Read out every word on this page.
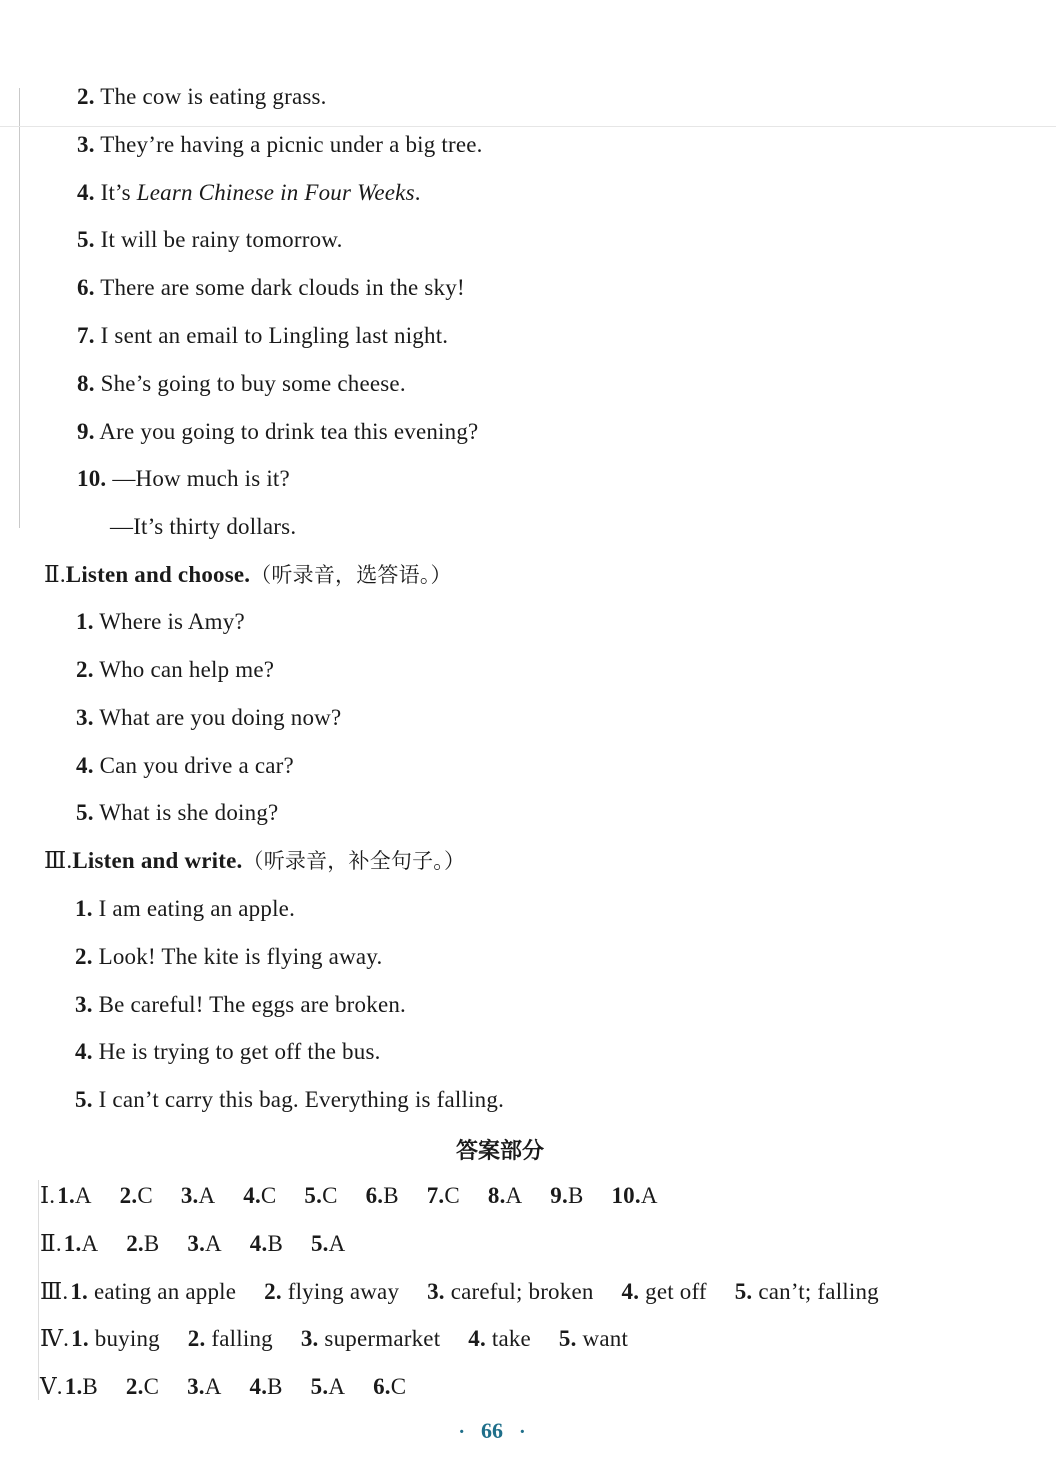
2. The cow is eating grass.
3. They’re having a picnic under a big tree.
4. It’s Learn Chinese in Four Weeks.
5. It will be rainy tomorrow.
6. There are some dark clouds in the sky!
7. I sent an email to Lingling last night.
8. She’s going to buy some cheese.
9. Are you going to drink tea this evening?
10. —How much is it?
—It’s thirty dollars.
Ⅱ.Listen and choose.（听录音，选答语。）
1. Where is Amy?
2. Who can help me?
3. What are you doing now?
4. Can you drive a car?
5. What is she doing?
Ⅲ.Listen and write.（听录音，补全句子。）
1. I am eating an apple.
2. Look! The kite is flying away.
3. Be careful! The eggs are broken.
4. He is trying to get off the bus.
5. I can’t carry this bag. Everything is falling.
答案部分
Ⅰ.1.A 2.C 3.A 4.C 5.C 6.B 7.C 8.A 9.B 10.A
Ⅱ.1.A 2.B 3.A 4.B 5.A
Ⅲ.1. eating an apple 2. flying away 3. careful; broken 4. get off 5. can’t; falling
Ⅳ.1. buying 2. falling 3. supermarket 4. take 5. want
Ⅴ.1.B 2.C 3.A 4.B 5.A 6.C
· 66 ·
